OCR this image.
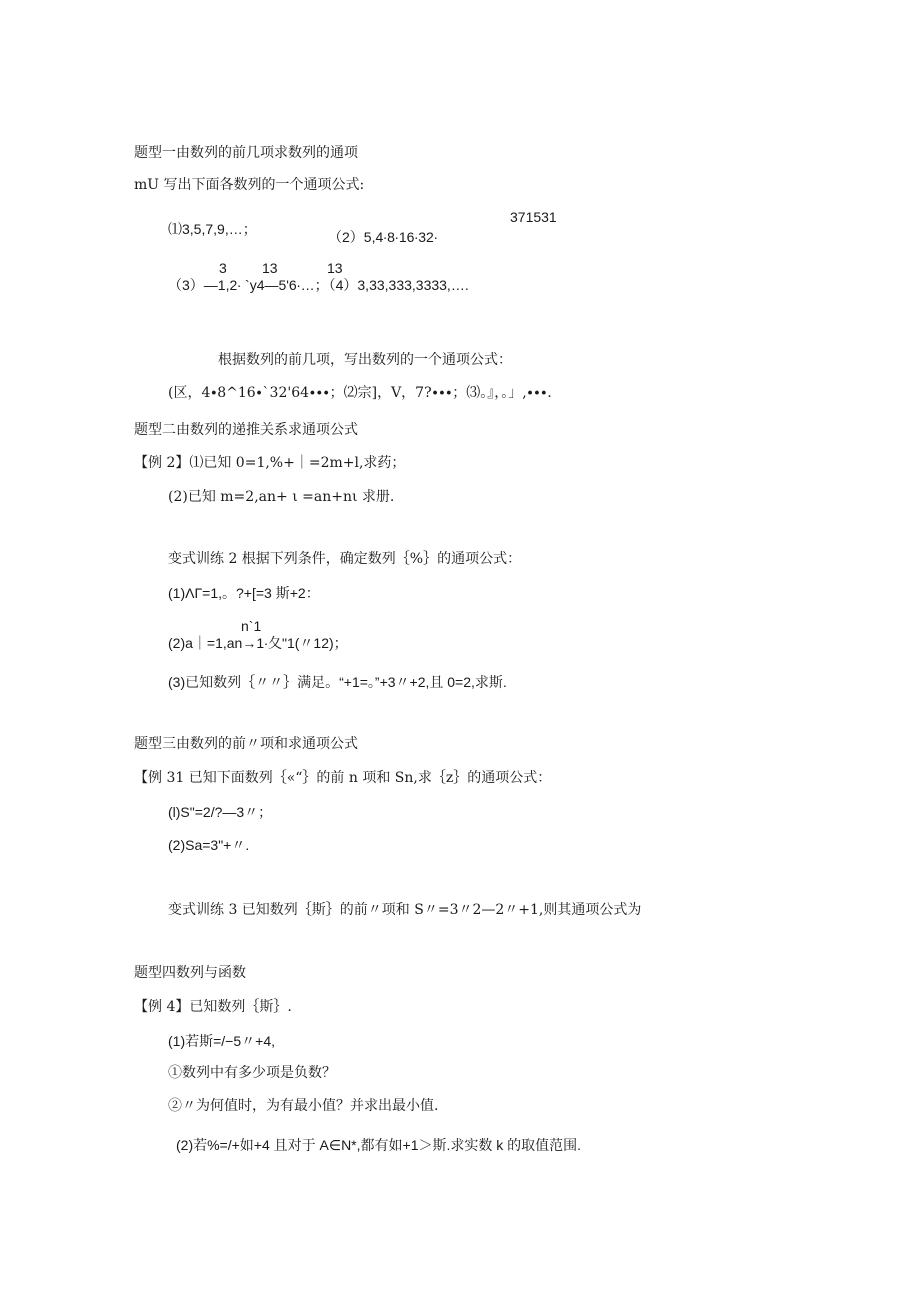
题型一由数列的前几项求数列的通项
mU 写出下面各数列的一个通项公式:
371531
⑴3,5,7,9,…；	（2）5,4∙8∙16∙32∙
3	13	13
（3）—1,2∙ `y4—5'6∙…；（4）3,33,333,3333,….
根据数列的前几项，写出数列的一个通项公式：
(区，4∙8^16∙`32'64∙∙∙；⑵宗]，V，7?∙∙∙；⑶。』，。」,∙∙∙.
题型二由数列的递推关系求通项公式
【例 2】⑴已知 0=1,%+｜=2m+l,求药；
(2)已知 m=2,an+ ι =an+nι 求册.
变式训练 2 根据下列条件，确定数列｛%｝的通项公式：
(1)ΛΓ=1,。?+[=3 斯+2：
n`1
(2)a｜=1,an→1∙夂"1(〃12)；
(3)已知数列｛〃〃｝满足。“+1=。”+3〃+2,且 0=2,求斯.
题型三由数列的前〃项和求通项公式
【例 31 已知下面数列｛«“｝的前 n 项和 Sn,求｛z｝的通项公式：
(l)S"=2/?—3〃；
(2)Sa=3"+〃.
变式训练 3 已知数列｛斯｝的前〃项和 S〃=3〃2—2〃+1,则其通项公式为
题型四数列与函数
【例 4】已知数列｛斯｝.
(1)若斯=/−5〃+4,
①数列中有多少项是负数？
②〃为何值时，为有最小值？并求出最小值.
(2)若%=/+如+4 且对于 A∈N*,都有如+1＞斯.求实数 k 的取值范围.
